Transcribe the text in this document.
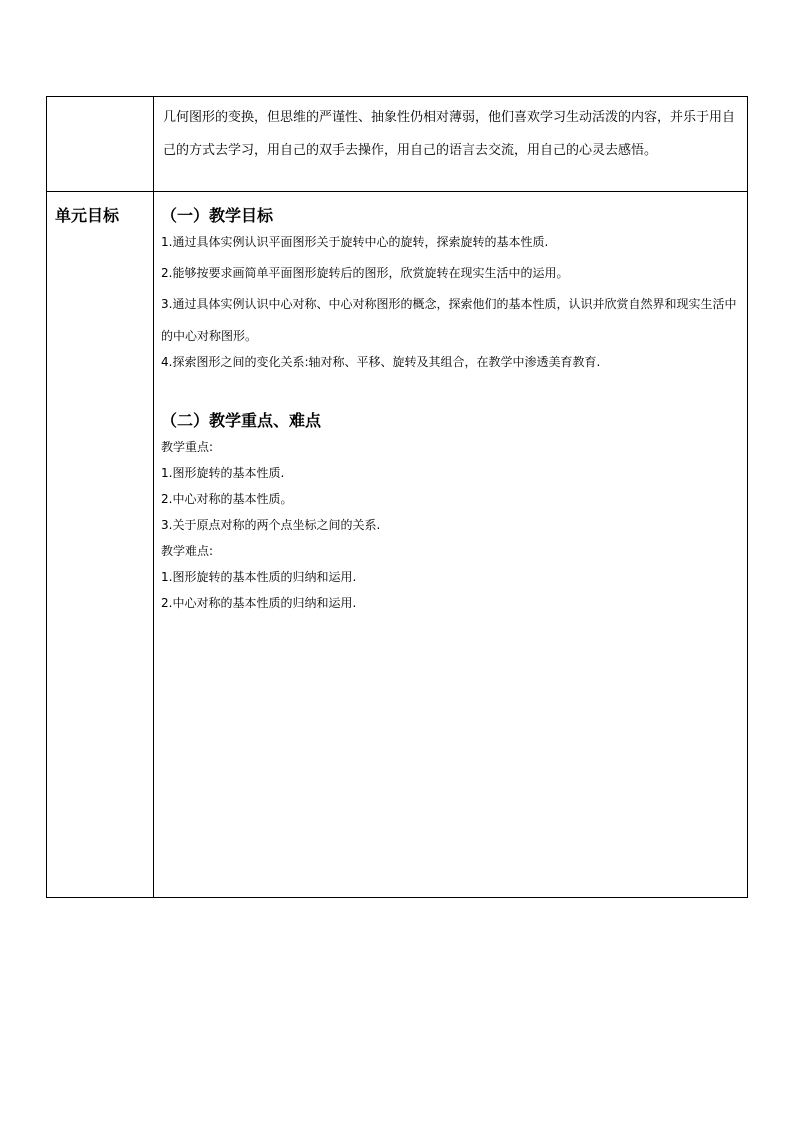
几何图形的变换，但思维的严谨性、抽象性仍相对薄弱，他们喜欢学习生动活泼的内容，并乐于用自己的方式去学习，用自己的双手去操作，用自己的语言去交流，用自己的心灵去感悟。
单元目标	（一）教学目标
1.通过具体实例认识平面图形关于旋转中心的旋转，探索旋转的基本性质.
2.能够按要求画简单平面图形旋转后的图形，欣赏旋转在现实生活中的运用。
3.通过具体实例认识中心对称、中心对称图形的概念，探索他们的基本性质，认识并欣赏自然界和现实生活中的中心对称图形。
4.探索图形之间的变化关系:轴对称、平移、旋转及其组合，在教学中渗透美育教育.
（二）教学重点、难点
教学重点:
1.图形旋转的基本性质.
2.中心对称的基本性质。
3.关于原点对称的两个点坐标之间的关系.
教学难点:
1.图形旋转的基本性质的归纳和运用.
2.中心对称的基本性质的归纳和运用.
